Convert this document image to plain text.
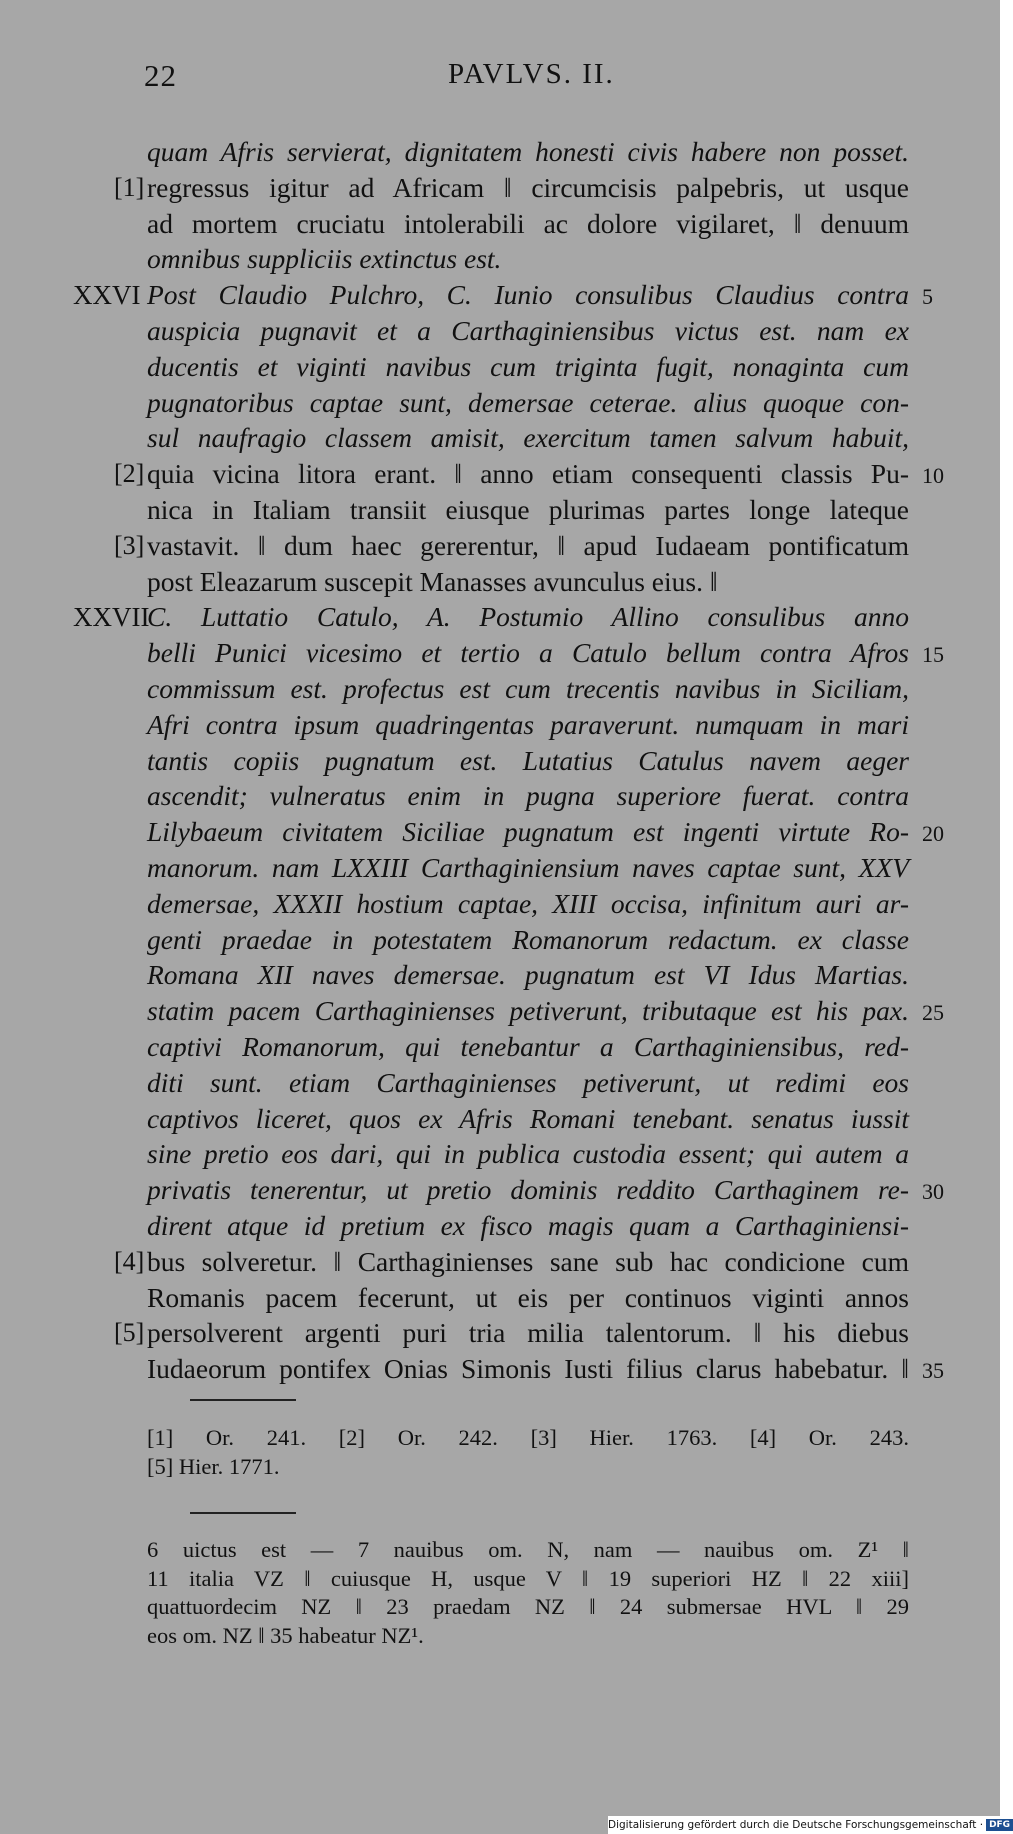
22	PAVLVS. II.
quam Afris servierat, dignitatem honesti civis habere non posset.
regressus igitur ad Africam ‖ circumcisis palpebris, ut usque
[1]
ad mortem cruciatu intolerabili ac dolore vigilaret, ‖ denuum
omnibus suppliciis extinctus est.
Post Claudio Pulchro, C. Iunio consulibus Claudius contra
XXVI	5
auspicia pugnavit et a Carthaginiensibus victus est. nam ex
ducentis et viginti navibus cum triginta fugit, nonaginta cum
pugnatoribus captae sunt, demersae ceterae. alius quoque con-
sul naufragio classem amisit, exercitum tamen salvum habuit,
quia vicina litora erant. ‖ anno etiam consequenti classis Pu-
[2]	10
nica in Italiam transiit eiusque plurimas partes longe lateque
vastavit. ‖ dum haec gererentur, ‖ apud Iudaeam pontificatum
[3]
post Eleazarum suscepit Manasses avunculus eius. ‖
C. Luttatio Catulo, A. Postumio Allino consulibus anno
XXVII
belli Punici vicesimo et tertio a Catulo bellum contra Afros 15
commissum est. profectus est cum trecentis navibus in Siciliam,
Afri contra ipsum quadringentas paraverunt. numquam in mari
tantis copiis pugnatum est. Lutatius Catulus navem aeger
ascendit; vulneratus enim in pugna superiore fuerat. contra
Lilybaeum civitatem Siciliae pugnatum est ingenti virtute Ro- 20
manorum. nam LXXIII Carthaginiensium naves captae sunt, XXV
demersae, XXXII hostium captae, XIII occisa, infinitum auri ar-
genti praedae in potestatem Romanorum redactum. ex classe
Romana XII naves demersae. pugnatum est VI Idus Martias.
statim pacem Carthaginienses petiverunt, tributaque est his pax. 25
captivi Romanorum, qui tenebantur a Carthaginiensibus, red-
diti sunt. etiam Carthaginienses petiverunt, ut redimi eos
captivos liceret, quos ex Afris Romani tenebant. senatus iussit
sine pretio eos dari, qui in publica custodia essent; qui autem a
privatis tenerentur, ut pretio dominis reddito Carthaginem re- 30
dirent atque id pretium ex fisco magis quam a Carthaginiensi-
bus solveretur. ‖ Carthaginienses sane sub hac condicione cum
[4]
Romanis pacem fecerunt, ut eis per continuos viginti annos
persolverent argenti puri tria milia talentorum. ‖ his diebus
[5]
Iudaeorum pontifex Onias Simonis Iusti filius clarus habebatur. ‖ 35
[1] Or. 241. [2] Or. 242. [3] Hier. 1763. [4] Or. 243.
[5] Hier. 1771.
6 uictus est — 7 nauibus om. N, nam — nauibus om. Z¹ ‖
11 italia VZ ‖ cuiusque H, usque V ‖ 19 superiori HZ ‖ 22 xiii]
quattuordecim NZ ‖ 23 praedam NZ ‖ 24 submersae HVL ‖ 29
eos om. NZ ‖ 35 habeatur NZ¹.
Digitalisierung gefördert durch die Deutsche Forschungsgemeinschaft · DFG
